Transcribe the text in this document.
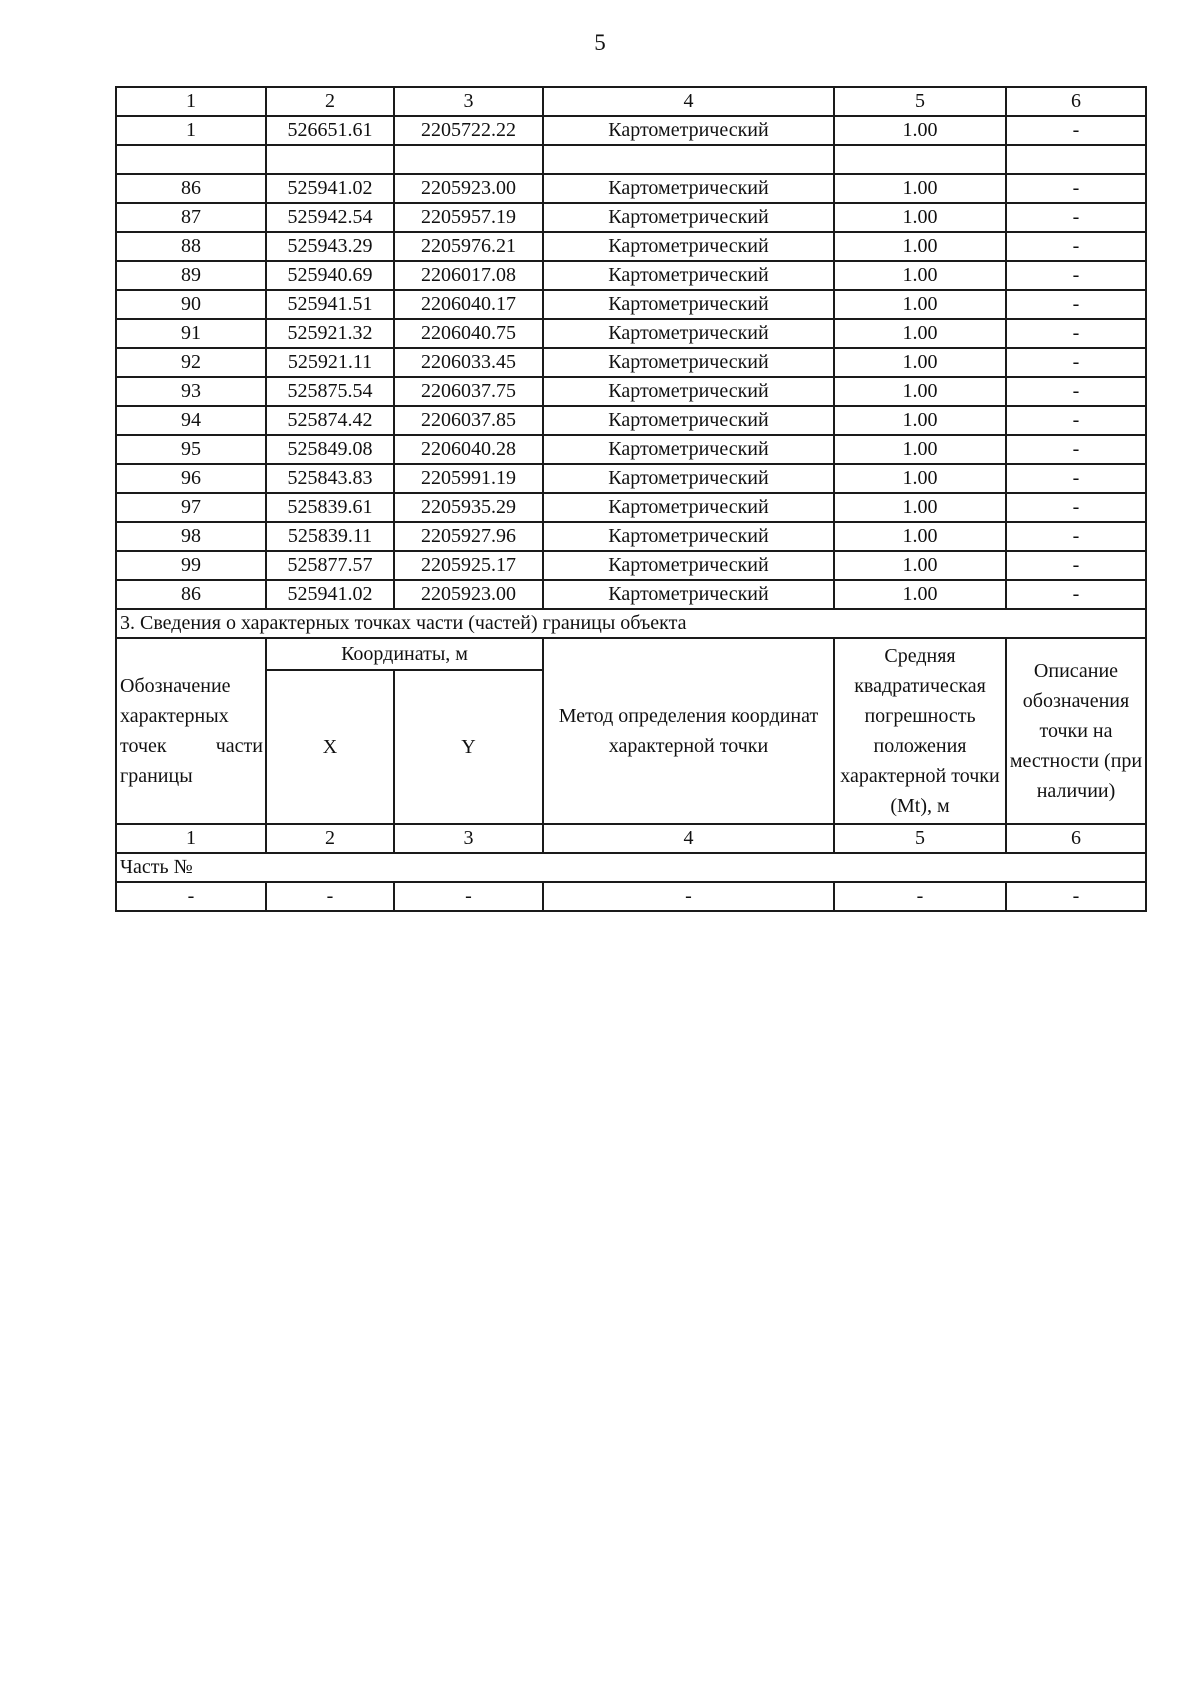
5
1	2	3	4	5	6
1	526651.61	2205722.22	Картометрический	1.00	-

86	525941.02	2205923.00	Картометрический	1.00	-
87	525942.54	2205957.19	Картометрический	1.00	-
88	525943.29	2205976.21	Картометрический	1.00	-
89	525940.69	2206017.08	Картометрический	1.00	-
90	525941.51	2206040.17	Картометрический	1.00	-
91	525921.32	2206040.75	Картометрический	1.00	-
92	525921.11	2206033.45	Картометрический	1.00	-
93	525875.54	2206037.75	Картометрический	1.00	-
94	525874.42	2206037.85	Картометрический	1.00	-
95	525849.08	2206040.28	Картометрический	1.00	-
96	525843.83	2205991.19	Картометрический	1.00	-
97	525839.61	2205935.29	Картометрический	1.00	-
98	525839.11	2205927.96	Картометрический	1.00	-
99	525877.57	2205925.17	Картометрический	1.00	-
86	525941.02	2205923.00	Картометрический	1.00	-
3. Сведения о характерных точках части (частей) границы объекта					
Обозначение характерных точек части границы	Координаты, м		Метод определения координат характерной точки	Средняя квадратическая погрешность положения характерной точки (Mt), м	Описание обозначения точки на местности (при наличии)
	X	Y			
1	2	3	4	5	6
Часть №					
-	-	-	-	-	-
